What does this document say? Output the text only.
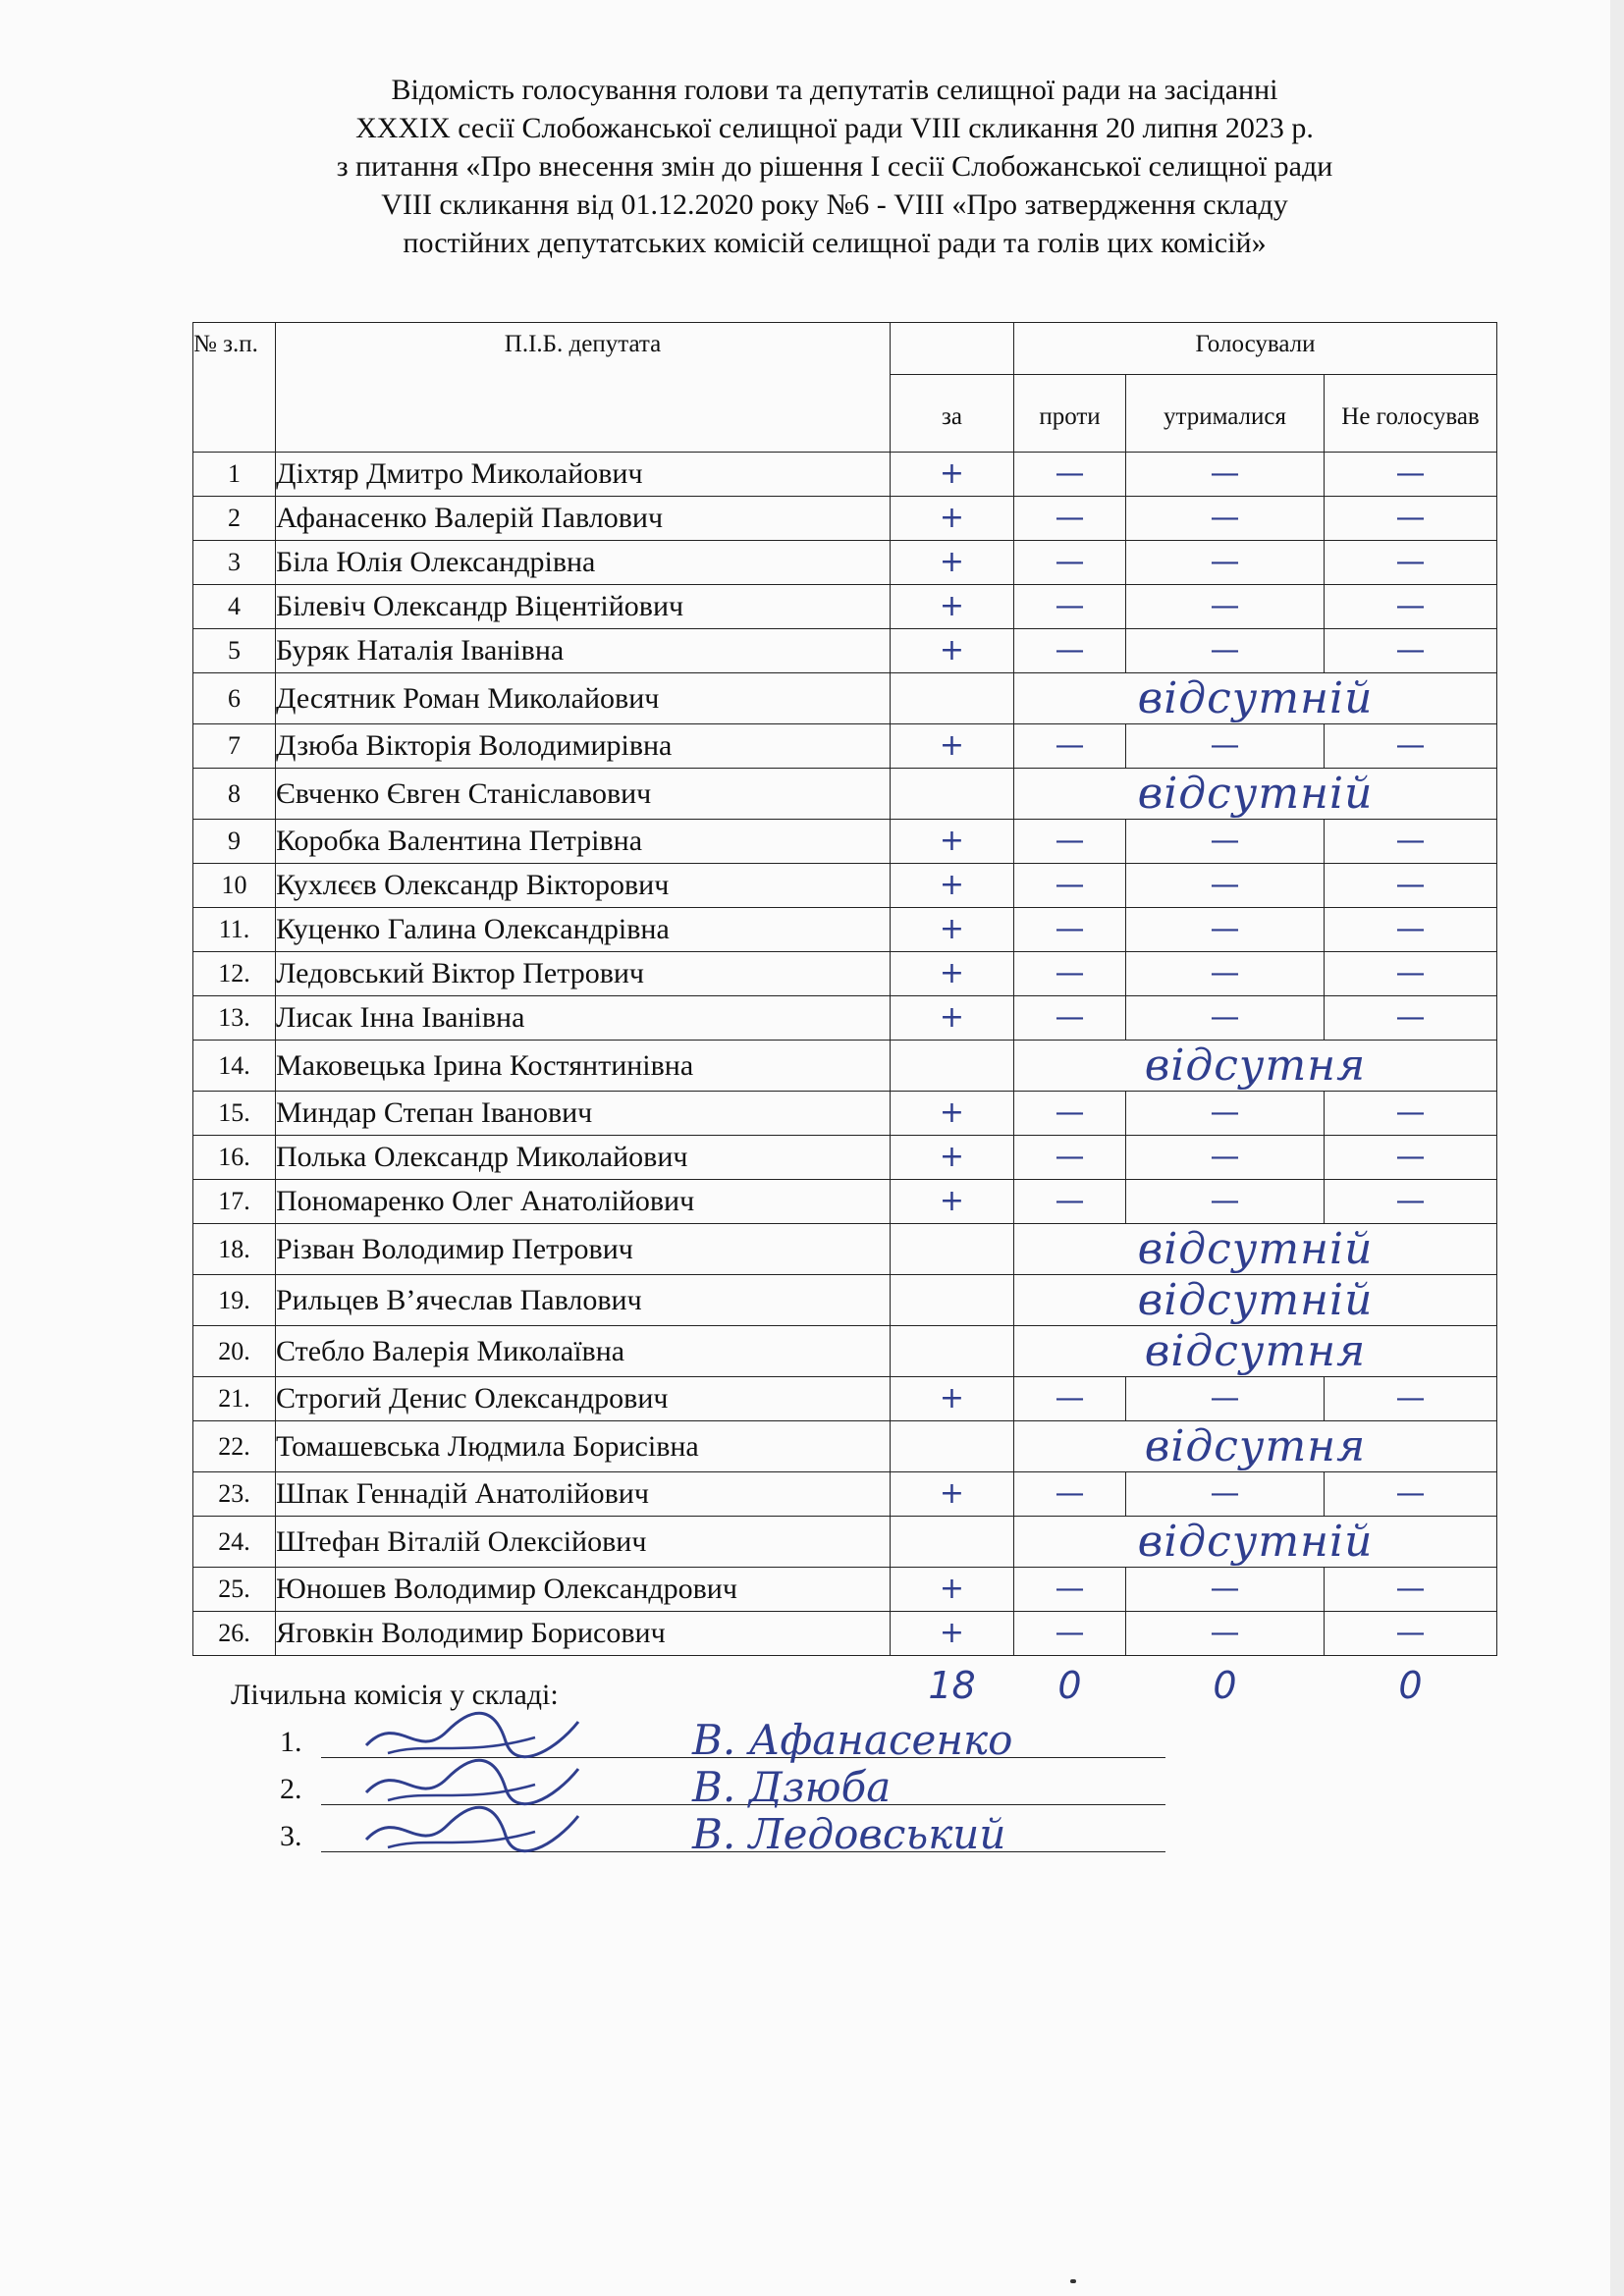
Відомість голосування голови та депутатів селищної ради на засіданні
XXXIX сесії Слобожанської селищної ради VIII скликання 20 липня 2023 р.
з питання «Про внесення змін до рішення І сесії Слобожанської селищної ради
VIII скликання від 01.12.2020 року №6 - VIII «Про затвердження складу
постійних депутатських комісій селищної ради та голів цих комісій»
№ з.п.	П.І.Б. депутата		Голосували		
		за	проти	утрималися	Не голосував
1	Діхтяр Дмитро Миколайович	+	—	—	—
2	Афанасенко Валерій Павлович	+	—	—	—
3	Біла Юлія Олександрівна	+	—	—	—
4	Білевіч Олександр Віцентійович	+	—	—	—
5	Буряк Наталія Іванівна	+	—	—	—
6	Десятник Роман Миколайович		відсутній		
7	Дзюба Вікторія Володимирівна	+	—	—	—
8	Євченко Євген Станіславович		відсутній		
9	Коробка Валентина Петрівна	+	—	—	—
10	Кухлєєв Олександр Вікторович	+	—	—	—
11.	Куценко Галина Олександрівна	+	—	—	—
12.	Ледовський Віктор Петрович	+	—	—	—
13.	Лисак Інна Іванівна	+	—	—	—
14.	Маковецька Ірина Костянтинівна		відсутня		
15.	Миндар Степан Іванович	+	—	—	—
16.	Полька Олександр Миколайович	+	—	—	—
17.	Пономаренко Олег Анатолійович	+	—	—	—
18.	Різван Володимир Петрович		відсутній		
19.	Рильцев В’ячеслав Павлович		відсутній		
20.	Стебло Валерія Миколаївна		відсутня		
21.	Строгий Денис Олександрович	+	—	—	—
22.	Томашевська Людмила Борисівна		відсутня		
23.	Шпак Геннадій Анатолійович	+	—	—	—
24.	Штефан Віталій Олексійович		відсутній		
25.	Юношев Володимир Олександрович	+	—	—	—
26.	Яговкін Володимир Борисович	+	—	—	—
		18	0	0	0
Лічильна комісія у складі:
1.	В. Афанасенко
2.	В. Дзюба
3.	В. Ледовський
